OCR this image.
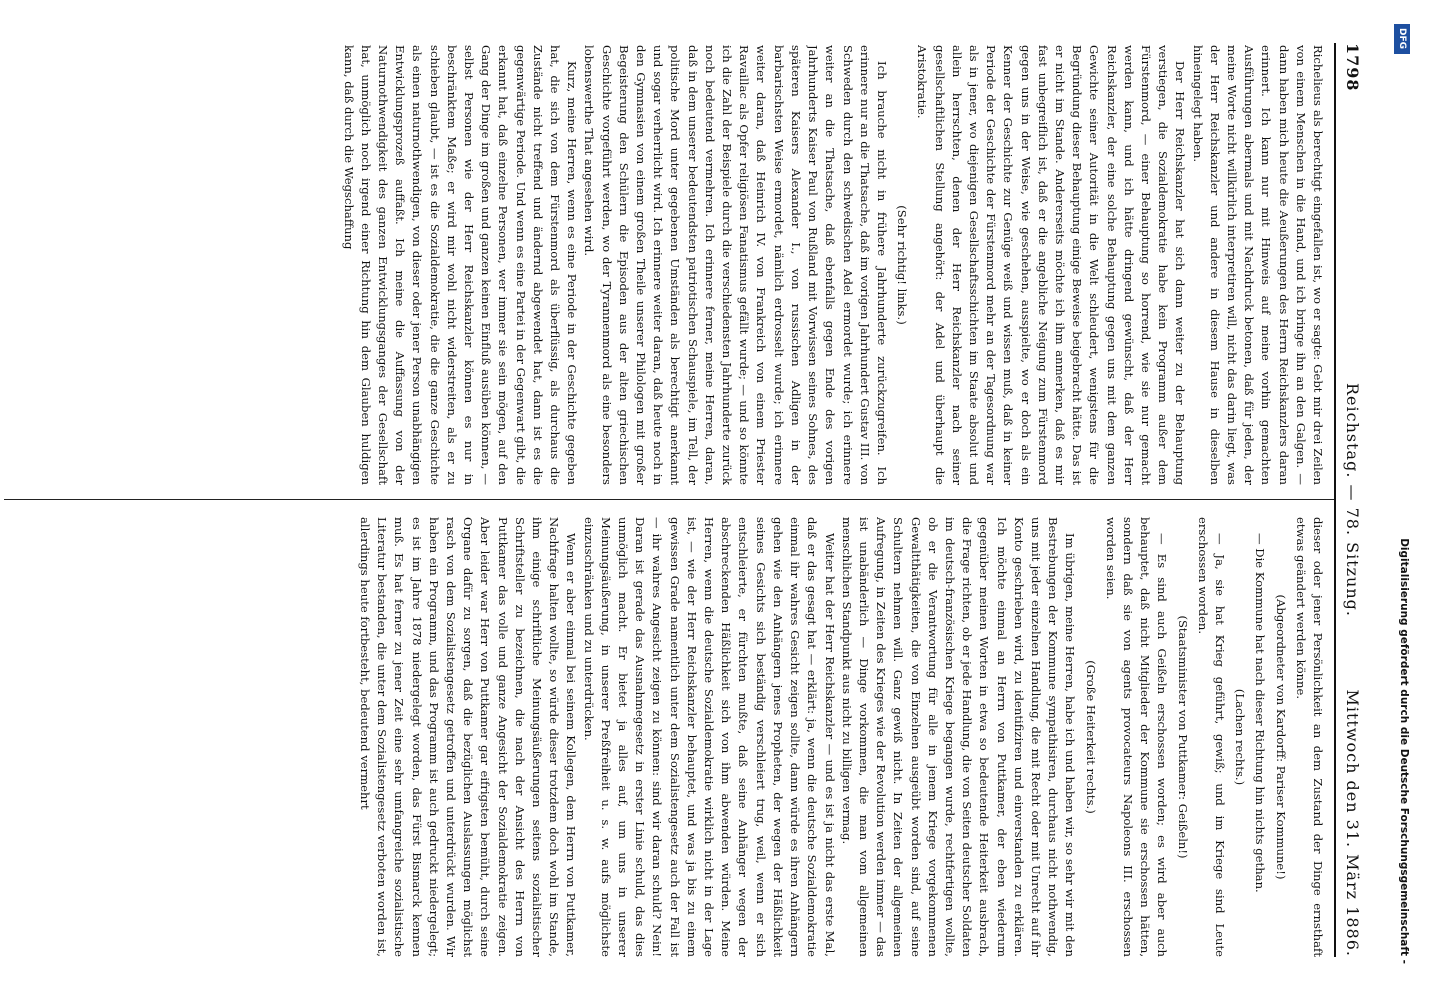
1798
Reichstag. — 78. Sitzung.
Mittwoch den 31. März 1886.

Richelieus als berechtigt eingefallen ist, wo er sagte: Gebt mir drei Zeilen von einem Menschen in die Hand, und ich bringe ihn an den Galgen. — dann haben mich heute die Aeußerungen des Herrn Reichskanzlers daran erinnert. Ich kann nur mit Hinweis auf meine vorhin gemachten Ausführungen abermals und mit Nachdruck betonen, daß für jeden, der meine Worte nicht willkürlich interpretiren will, nicht das darin liegt, was der Herr Reichskanzler und andere in diesem Hause in dieselben hineingelegt haben.

Der Herr Reichskanzler hat sich dann weiter zu der Behauptung verstiegen, die Sozialdemokratie habe kein Programm außer dem Fürstenmord, — einer Behauptung so horrend, wie sie nur gemacht werden kann, und ich hätte dringend gewünscht, daß der Herr Reichskanzler, der eine solche Behauptung gegen uns mit dem ganzen Gewichte seiner Autorität in die Welt schleudert, wenigstens für die Begründung dieser Behauptung einige Beweise beigebracht hätte. Das ist er nicht im Stande. Andererseits möchte ich ihm anmerken, daß es mir fast unbegreiflich ist, daß er die angebliche Neigung zum Fürstenmord gegen uns in der Weise, wie geschehen, ausspielte, wo er doch als ein Kenner der Geschichte zur Genüge weiß und wissen muß, daß in keiner Periode der Geschichte der Fürstenmord mehr an der Tagesordnung war als in jener, wo diejenigen Gesellschaftsschichten im Staate absolut und allein herrschten, denen der Herr Reichskanzler nach seiner gesellschaftlichen Stellung angehört: der Adel und überhaupt die Aristokratie.

(Sehr richtig! links.)

Ich brauche nicht in frühere Jahrhunderte zurückzugreifen. Ich erinnere nur an die Thatsache, daß im vorigen Jahrhundert Gustav III. von Schweden durch den schwedischen Adel ermordet wurde; ich erinnere weiter an die Thatsache, daß ebenfalls gegen Ende des vorigen Jahrhunderts Kaiser Paul von Rußland mit Vorwissen seines Sohnes, des späteren Kaisers Alexander I., von russischen Adligen in der barbarischsten Weise ermordet, nämlich erdrosselt wurde; ich erinnere weiter daran, daß Heinrich IV. von Frankreich von einem Priester Ravaillac als Opfer religiösen Fanatismus gefällt wurde; — und so könnte ich die Zahl der Beispiele durch die verschiedensten Jahrhunderte zurück noch bedeutend vermehren. Ich erinnere ferner, meine Herren, daran, daß in dem unserer bedeutendsten patriotischen Schauspiele, im Tell, der politische Mord unter gegebenen Umständen als berechtigt anerkannt und sogar verherrlicht wird. Ich erinnere weiter daran, daß heute noch in den Gymnasien von einem großen Theile unserer Philologen mit großer Begeisterung den Schülern die Episoden aus der alten griechischen Geschichte vorgeführt werden, wo der Tyrannenmord als eine besonders lobenswerthe That angesehen wird.

Kurz, meine Herren, wenn es eine Periode in der Geschichte gegeben hat, die sich von dem Fürstenmord als überflüssig, als durchaus die Zustände nicht treffend und ändernd abgewendet hat, dann ist es die gegenwärtige Periode. Und wenn es eine Partei in der Gegenwart gibt, die erkannt hat, daß einzelne Personen, wer immer sie sein mögen, auf den Gang der Dinge im großen und ganzen keinen Einfluß ausüben können, — selbst Personen wie der Herr Reichskanzler können es nur in beschränktem Maße; er wird mir wohl nicht widerstreiten, als er zu schieben glaubt, — ist es die Sozialdemokratie, die die ganze Geschichte als einen naturnothwendigen, von dieser oder jener Person unabhängigen Entwicklungsprozeß auffaßt. Ich meine die Auffassung von der Naturnothwendigkeit des ganzen Entwicklungsganges der Gesellschaft hat, unmöglich noch irgend einer Richtung hin dem Glauben huldigen kann, daß durch die Wegschaffung

dieser oder jener Persönlichkeit an dem Zustand der Dinge ernsthaft etwas geändert werden könne.

(Abgeordneter von Kardorff: Pariser Kommune!)

— Die Kommune hat nach dieser Richtung hin nichts gethan.

(Lachen rechts.)

— Ja, sie hat Krieg geführt, gewiß; und im Kriege sind Leute erschossen worden.

(Staatsminister von Puttkamer: Geißeln!)

— Es sind auch Geißeln erschossen worden; es wird aber auch behauptet, daß nicht Mitglieder der Kommune sie erschossen hätten, sondern daß sie von agents provocateurs Napoleons III. erschossen worden seien.

(Große Heiterkeit rechts.)

Im übrigen, meine Herren, habe ich und haben wir, so sehr wir mit den Bestrebungen der Kommune sympathisiren, durchaus nicht nothwendig, uns mit jeder einzelnen Handlung, die mit Recht oder mit Unrecht auf ihr Konto geschrieben wird, zu identifiziren und einverstanden zu erklären. Ich möchte einmal an Herrn von Puttkamer, der eben wiederum gegenüber meinen Worten in etwa so bedeutende Heiterkeit ausbrach, die Frage richten, ob er jede Handlung, die von Seiten deutscher Soldaten im deutsch-französischen Kriege begangen wurde, rechtfertigen wollte, ob er die Verantwortung für alle in jenem Kriege vorgekommenen Gewaltthätigkeiten, die von Einzelnen ausgeübt worden sind, auf seine Schultern nehmen will. Ganz gewiß nicht. In Zeiten der allgemeinen Aufregung, in Zeiten des Krieges wie der Revolution werden immer — das ist unabänderlich — Dinge vorkommen, die man vom allgemeinen menschlichen Standpunkt aus nicht zu billigen vermag.

Weiter hat der Herr Reichskanzler — und es ist ja nicht das erste Mal, daß er das gesagt hat — erklärt: ja, wenn die deutsche Sozialdemokratie einmal ihr wahres Gesicht zeigen sollte, dann würde es ihren Anhängern gehen wie den Anhängern jenes Propheten, der wegen der Häßlichkeit seines Gesichts sich beständig verschleiert trug, weil, wenn er sich entschleierte, er fürchten mußte, daß seine Anhänger wegen der abschreckenden Häßlichkeit sich von ihm abwenden würden. Meine Herren, wenn die deutsche Sozialdemokratie wirklich nicht in der Lage ist, — wie der Herr Reichskanzler behauptet, und was ja bis zu einem gewissen Grade namentlich unter dem Sozialistengesetz auch der Fall ist — ihr wahres Angesicht zeigen zu können: sind wir daran schuld? Nein! Daran ist gerade das Ausnahmegesetz in erster Linie schuld, das dies unmöglich macht. Er bietet ja alles auf, um uns in unserer Meinungsäußerung, in unserer Preßfreiheit u. s. w. aufs möglichste einzuschränken und zu unterdrücken.

Wenn er aber einmal bei seinem Kollegen, dem Herrn von Puttkamer, Nachfrage halten wollte, so würde dieser trotzdem doch wohl im Stande, ihm einige schriftliche Meinungsäußerungen seitens sozialistischer Schriftsteller zu bezeichnen, die nach der Ansicht des Herrn von Puttkamer das volle und ganze Angesicht der Sozialdemokratie zeigen. Aber leider war Herr von Puttkamer gar eifrigsten bemüht, durch seine Organe dafür zu sorgen, daß die bezüglichen Auslassungen möglichst rasch von dem Sozialistengesetz getroffen und unterdrückt wurden. Wir haben ein Programm, und das Programm ist auch gedruckt niedergelegt; es ist im Jahre 1878 niedergelegt worden, das Fürst Bismarck kennen muß. Es hat ferner zu jener Zeit eine sehr umfangreiche sozialistische Literatur bestanden, die unter dem Sozialistengesetz verboten worden ist, allerdings heute fortbesteht, bedeutend vermehrt

DFG
Digitalisierung gefördert durch die Deutsche Forschungsgemeinschaft -
